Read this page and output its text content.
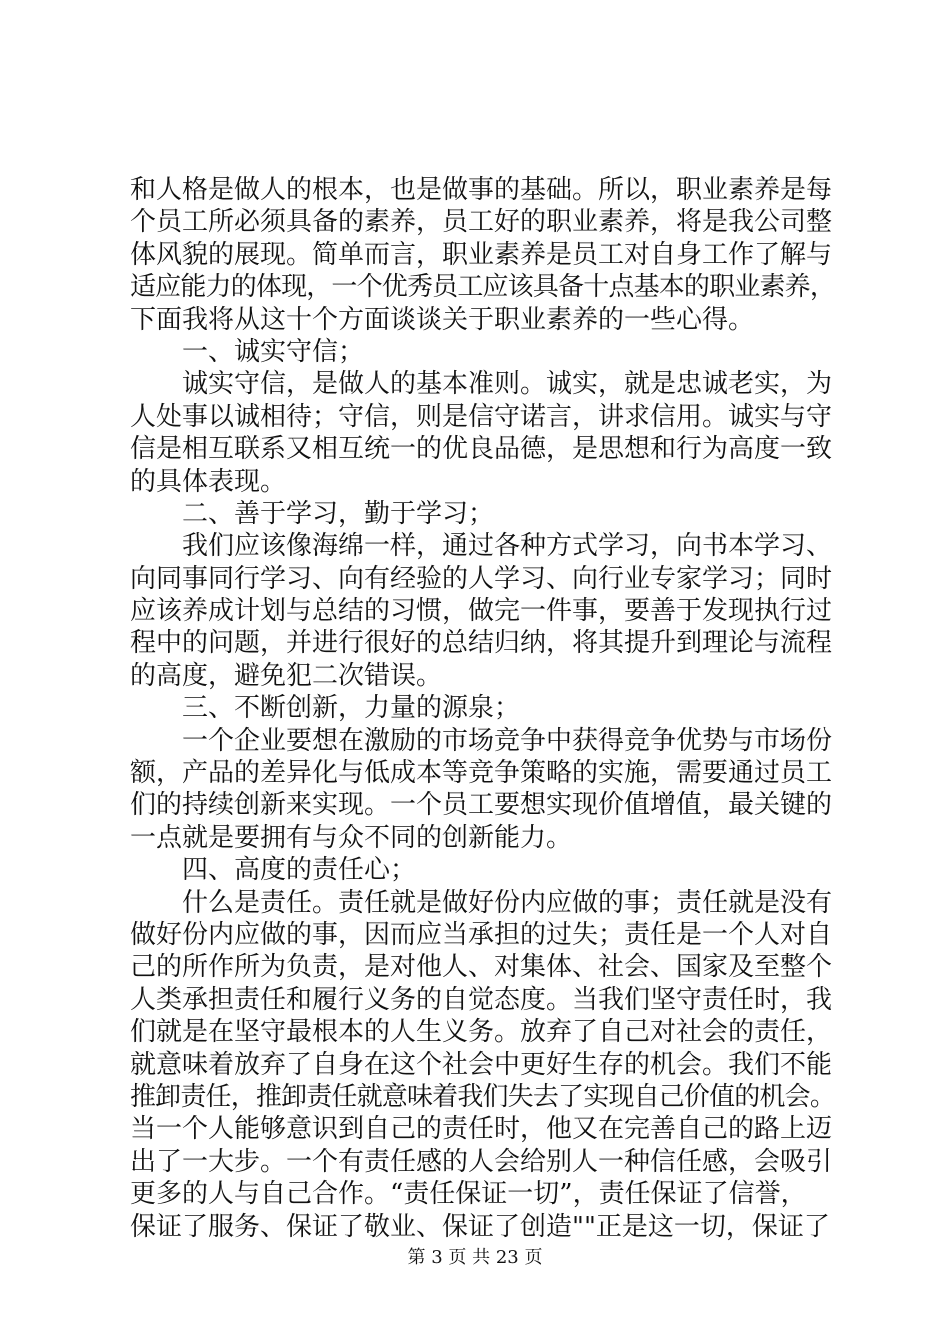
和人格是做人的根本，也是做事的基础。所以，职业素养是每
个员工所必须具备的素养，员工好的职业素养，将是我公司整
体风貌的展现。简单而言，职业素养是员工对自身工作了解与
适应能力的体现，一个优秀员工应该具备十点基本的职业素养，
下面我将从这十个方面谈谈关于职业素养的一些心得。
一、诚实守信；
诚实守信，是做人的基本准则。诚实，就是忠诚老实，为
人处事以诚相待；守信，则是信守诺言，讲求信用。诚实与守
信是相互联系又相互统一的优良品德，是思想和行为高度一致
的具体表现。
二、善于学习，勤于学习；
我们应该像海绵一样，通过各种方式学习，向书本学习、
向同事同行学习、向有经验的人学习、向行业专家学习；同时
应该养成计划与总结的习惯，做完一件事，要善于发现执行过
程中的问题，并进行很好的总结归纳，将其提升到理论与流程
的高度，避免犯二次错误。
三、不断创新，力量的源泉；
一个企业要想在激励的市场竞争中获得竞争优势与市场份
额，产品的差异化与低成本等竞争策略的实施，需要通过员工
们的持续创新来实现。一个员工要想实现价值增值，最关键的
一点就是要拥有与众不同的创新能力。
四、高度的责任心；
什么是责任。责任就是做好份内应做的事；责任就是没有
做好份内应做的事，因而应当承担的过失；责任是一个人对自
己的所作所为负责，是对他人、对集体、社会、国家及至整个
人类承担责任和履行义务的自觉态度。当我们坚守责任时，我
们就是在坚守最根本的人生义务。放弃了自己对社会的责任，
就意味着放弃了自身在这个社会中更好生存的机会。我们不能
推卸责任，推卸责任就意味着我们失去了实现自己价值的机会。
当一个人能够意识到自己的责任时，他又在完善自己的路上迈
出了一大步。一个有责任感的人会给别人一种信任感，会吸引
更多的人与自己合作。“责任保证一切”，责任保证了信誉，
保证了服务、保证了敬业、保证了创造""正是这一切，保证了
第 3 页 共 23 页
